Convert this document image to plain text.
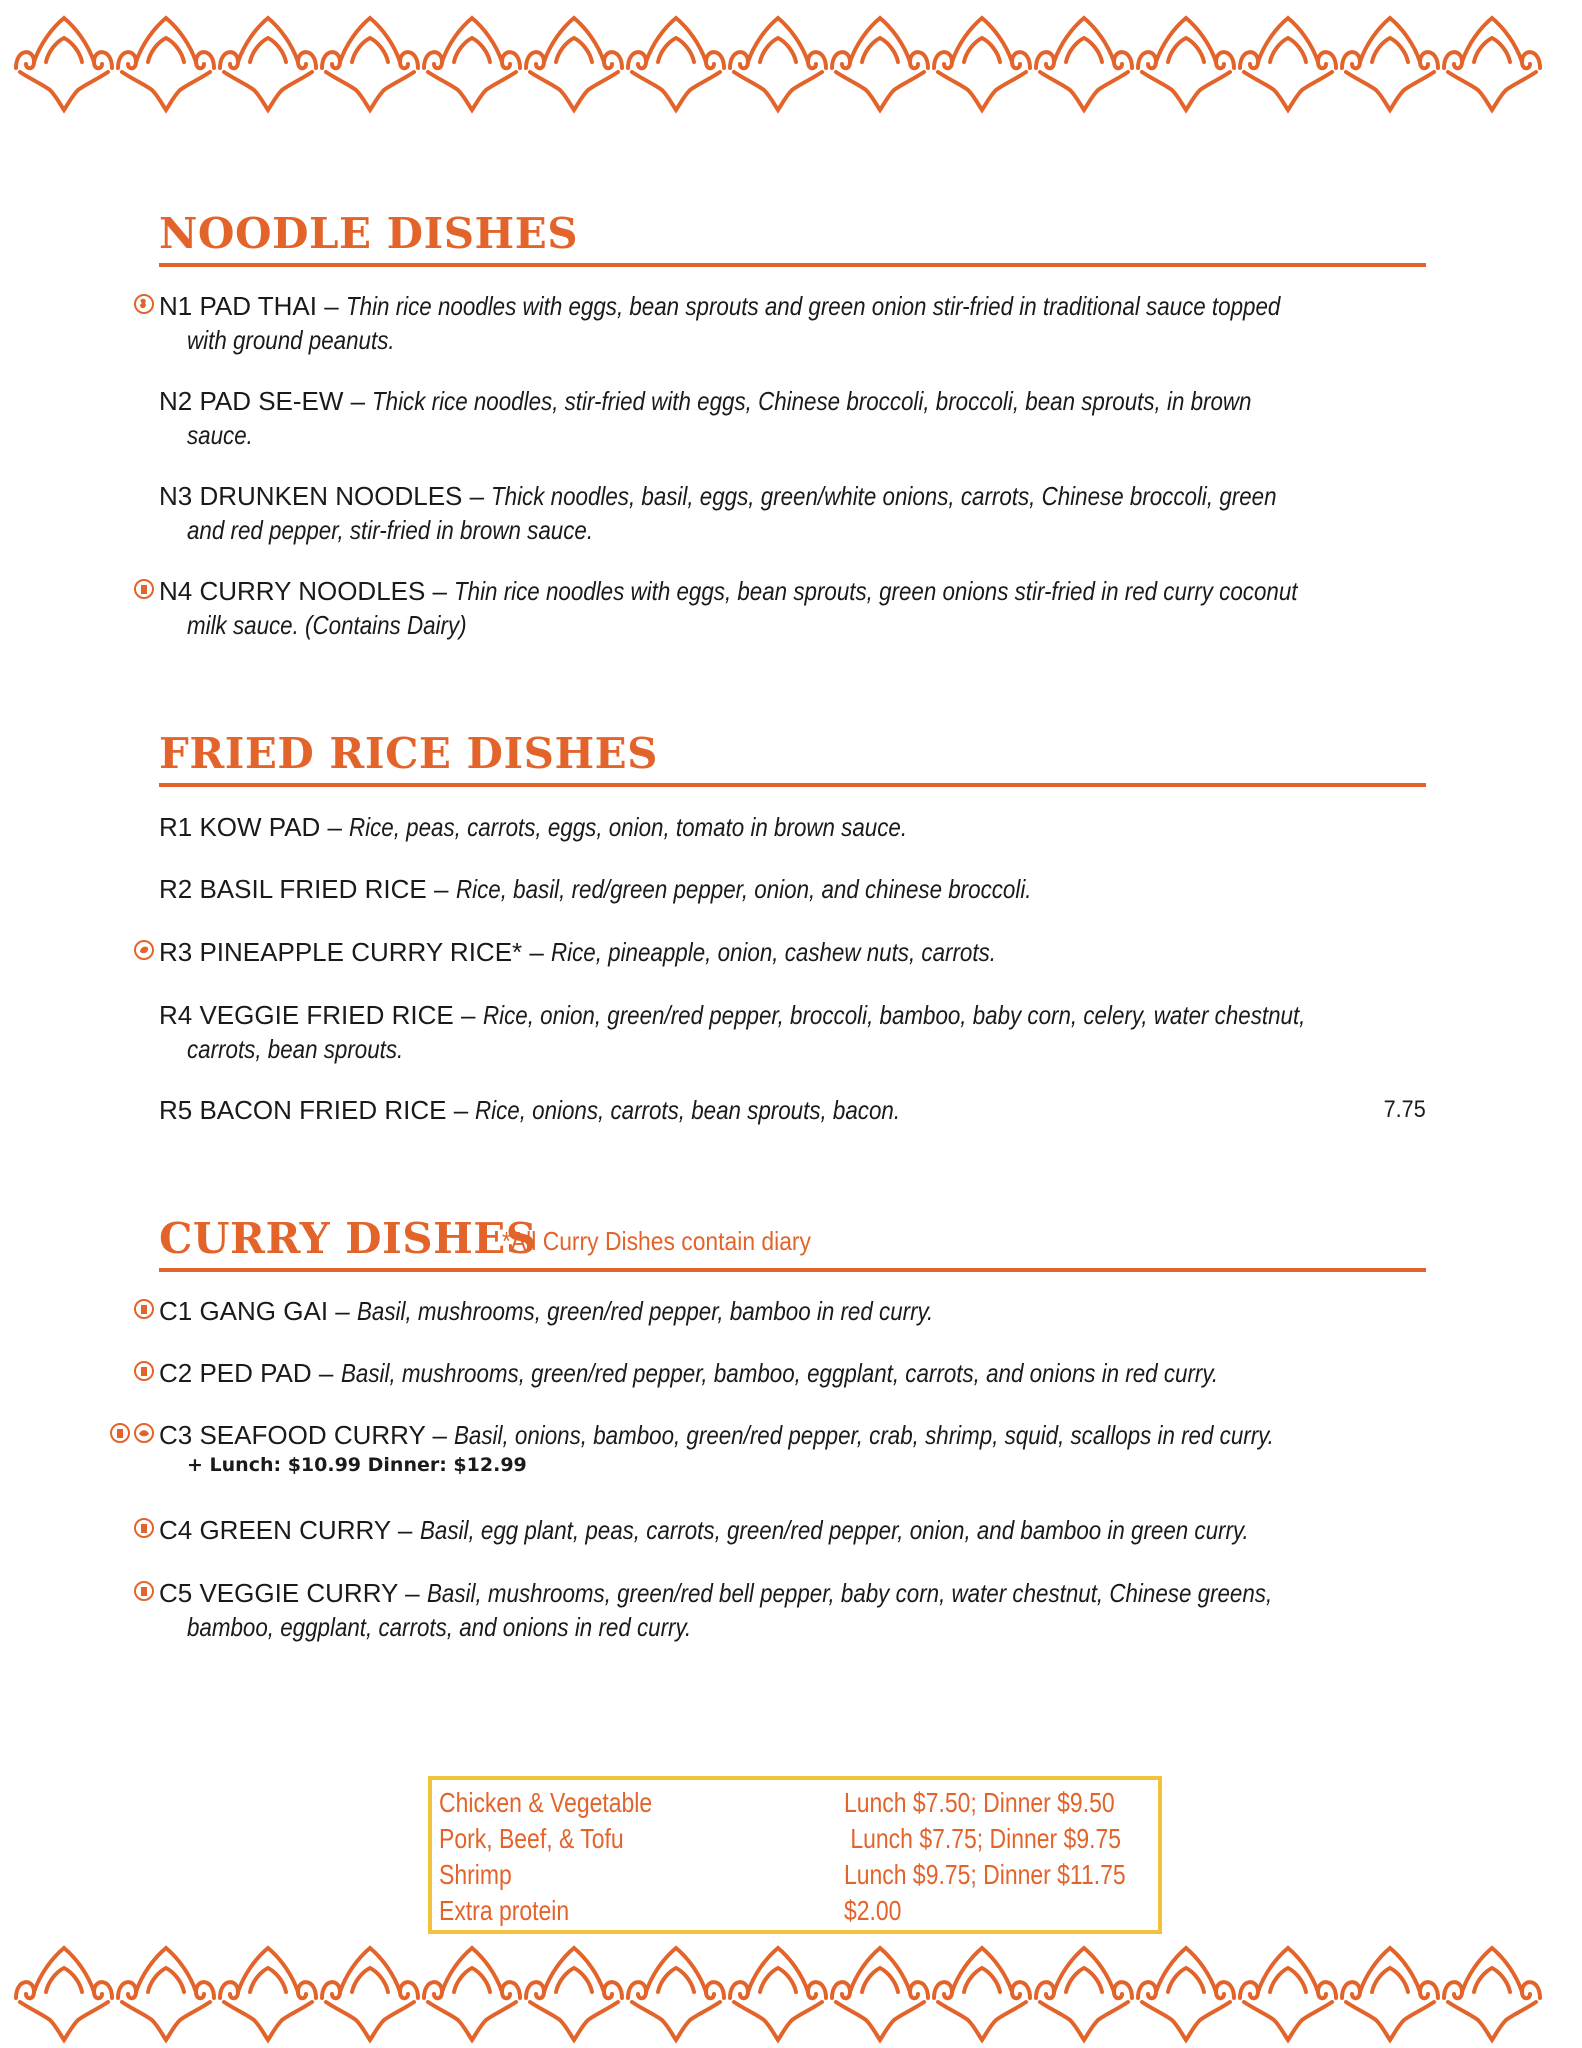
NOODLE DISHES
N1 PAD THAI – Thin rice noodles with eggs, bean sprouts and green onion stir-fried in traditional sauce topped
with ground peanuts.
N2 PAD SE-EW – Thick rice noodles, stir-fried with eggs, Chinese broccoli, broccoli, bean sprouts, in brown
sauce.
N3 DRUNKEN NOODLES – Thick noodles, basil, eggs, green/white onions, carrots, Chinese broccoli, green
and red pepper, stir-fried in brown sauce.
N4 CURRY NOODLES – Thin rice noodles with eggs, bean sprouts, green onions stir-fried in red curry coconut
milk sauce. (Contains Dairy)
FRIED RICE DISHES
R1 KOW PAD – Rice, peas, carrots, eggs, onion, tomato in brown sauce.
R2 BASIL FRIED RICE – Rice, basil, red/green pepper, onion, and chinese broccoli.
R3 PINEAPPLE CURRY RICE* – Rice, pineapple, onion, cashew nuts, carrots.
R4 VEGGIE FRIED RICE – Rice, onion, green/red pepper, broccoli, bamboo, baby corn, celery, water chestnut,
carrots, bean sprouts.
R5 BACON FRIED RICE – Rice, onions, carrots, bean sprouts, bacon.	7.75
CURRY DISHES
*All Curry Dishes contain diary
C1 GANG GAI – Basil, mushrooms, green/red pepper, bamboo in red curry.
C2 PED PAD – Basil, mushrooms, green/red pepper, bamboo, eggplant, carrots, and onions in red curry.
C3 SEAFOOD CURRY – Basil, onions, bamboo, green/red pepper, crab, shrimp, squid, scallops in red curry.
+ Lunch: $10.99 Dinner: $12.99
C4 GREEN CURRY – Basil, egg plant, peas, carrots, green/red pepper, onion, and bamboo in green curry.
C5 VEGGIE CURRY – Basil, mushrooms, green/red bell pepper, baby corn, water chestnut, Chinese greens,
bamboo, eggplant, carrots, and onions in red curry.
Chicken & Vegetable	Lunch $7.50; Dinner $9.50
Pork, Beef, & Tofu	Lunch $7.75; Dinner $9.75
Shrimp	Lunch $9.75; Dinner $11.75
Extra protein	$2.00
